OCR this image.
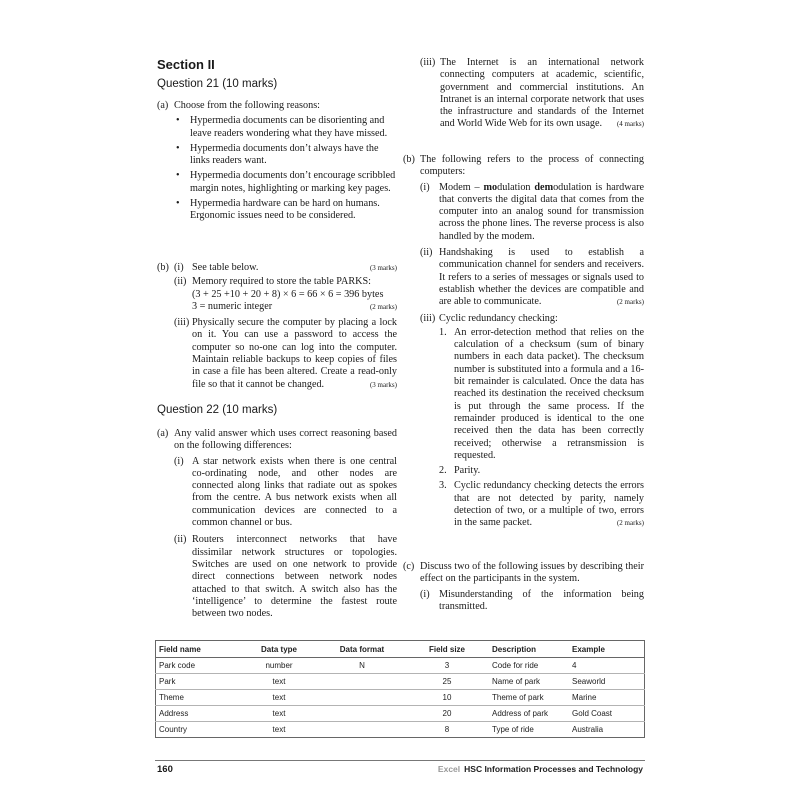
Section II
Question 21 (10 marks)
(a) Choose from the following reasons:

• Hypermedia documents can be disorienting and leave readers wondering what they have missed.
• Hypermedia documents don’t always have the links readers want.
• Hypermedia documents don’t encourage scribbled margin notes, highlighting or marking key pages.
• Hypermedia hardware can be hard on humans. Ergonomic issues need to be considered.
(b) (i) See table below.	(3 marks)
(ii) Memory required to store the table PARKS:
(3 + 25 +10 + 20 + 8) × 6 = 66 × 6 = 396 bytes
3 = numeric integer	(2 marks)
(iii) Physically secure the computer by placing a lock on it. You can use a password to access the computer so no-one can log into the computer. Maintain reliable backups to keep copies of files in case a file has been altered. Create a read-only file so that it cannot be changed.	(3 marks)

Question 22 (10 marks)
(a) Any valid answer which uses correct reasoning based on the following differences:

(i) A star network exists when there is one central co-ordinating node, and other nodes are connected along links that radiate out as spokes from the centre. A bus network exists when all communication devices are connected to a common channel or bus.

(ii) Routers interconnect networks that have dissimilar network structures or topologies. Switches are used on one network to provide direct connections between network nodes attached to that switch. A switch also has the ‘intelligence’ to determine the fastest route between two nodes.

(iii) The Internet is an international network connecting computers at academic, scientific, government and commercial institutions. An Intranet is an internal corporate network that uses the infrastructure and standards of the Internet and World Wide Web for its own usage. (4 marks)

(b) The following refers to the process of connecting computers:

(i) Modem – modulation demodulation is hardware that converts the digital data that comes from the computer into an analog sound for transmission across the phone lines. The reverse process is also handled by the modem.

(ii) Handshaking is used to establish a communication channel for senders and receivers. It refers to a series of messages or signals used to establish whether the devices are compatible and are able to communicate.	(2 marks)

(iii) Cyclic redundancy checking:

1. An error-detection method that relies on the calculation of a checksum (sum of binary numbers in each data packet). The checksum number is substituted into a formula and a 16-bit remainder is calculated. Once the data has reached its destination the received checksum is put through the same process. If the remainder produced is identical to the one received then the data has been correctly received; otherwise a retransmission is requested.

2. Parity.

3. Cyclic redundancy checking detects the errors that are not detected by parity, namely detection of two, or a multiple of two, errors in the same packet.	(2 marks)

(c) Discuss two of the following issues by describing their effect on the participants in the system.

(i) Misunderstanding of the information being transmitted.

Field name	Data type	Data format	Field size	Description	Example
Park code	number	N	3	Code for ride	4
Park	text		25	Name of park	Seaworld
Theme	text		10	Theme of park	Marine
Address	text		20	Address of park	Gold Coast
Country	text		8	Type of ride	Australia
160	Excel HSC Information Processes and Technology
